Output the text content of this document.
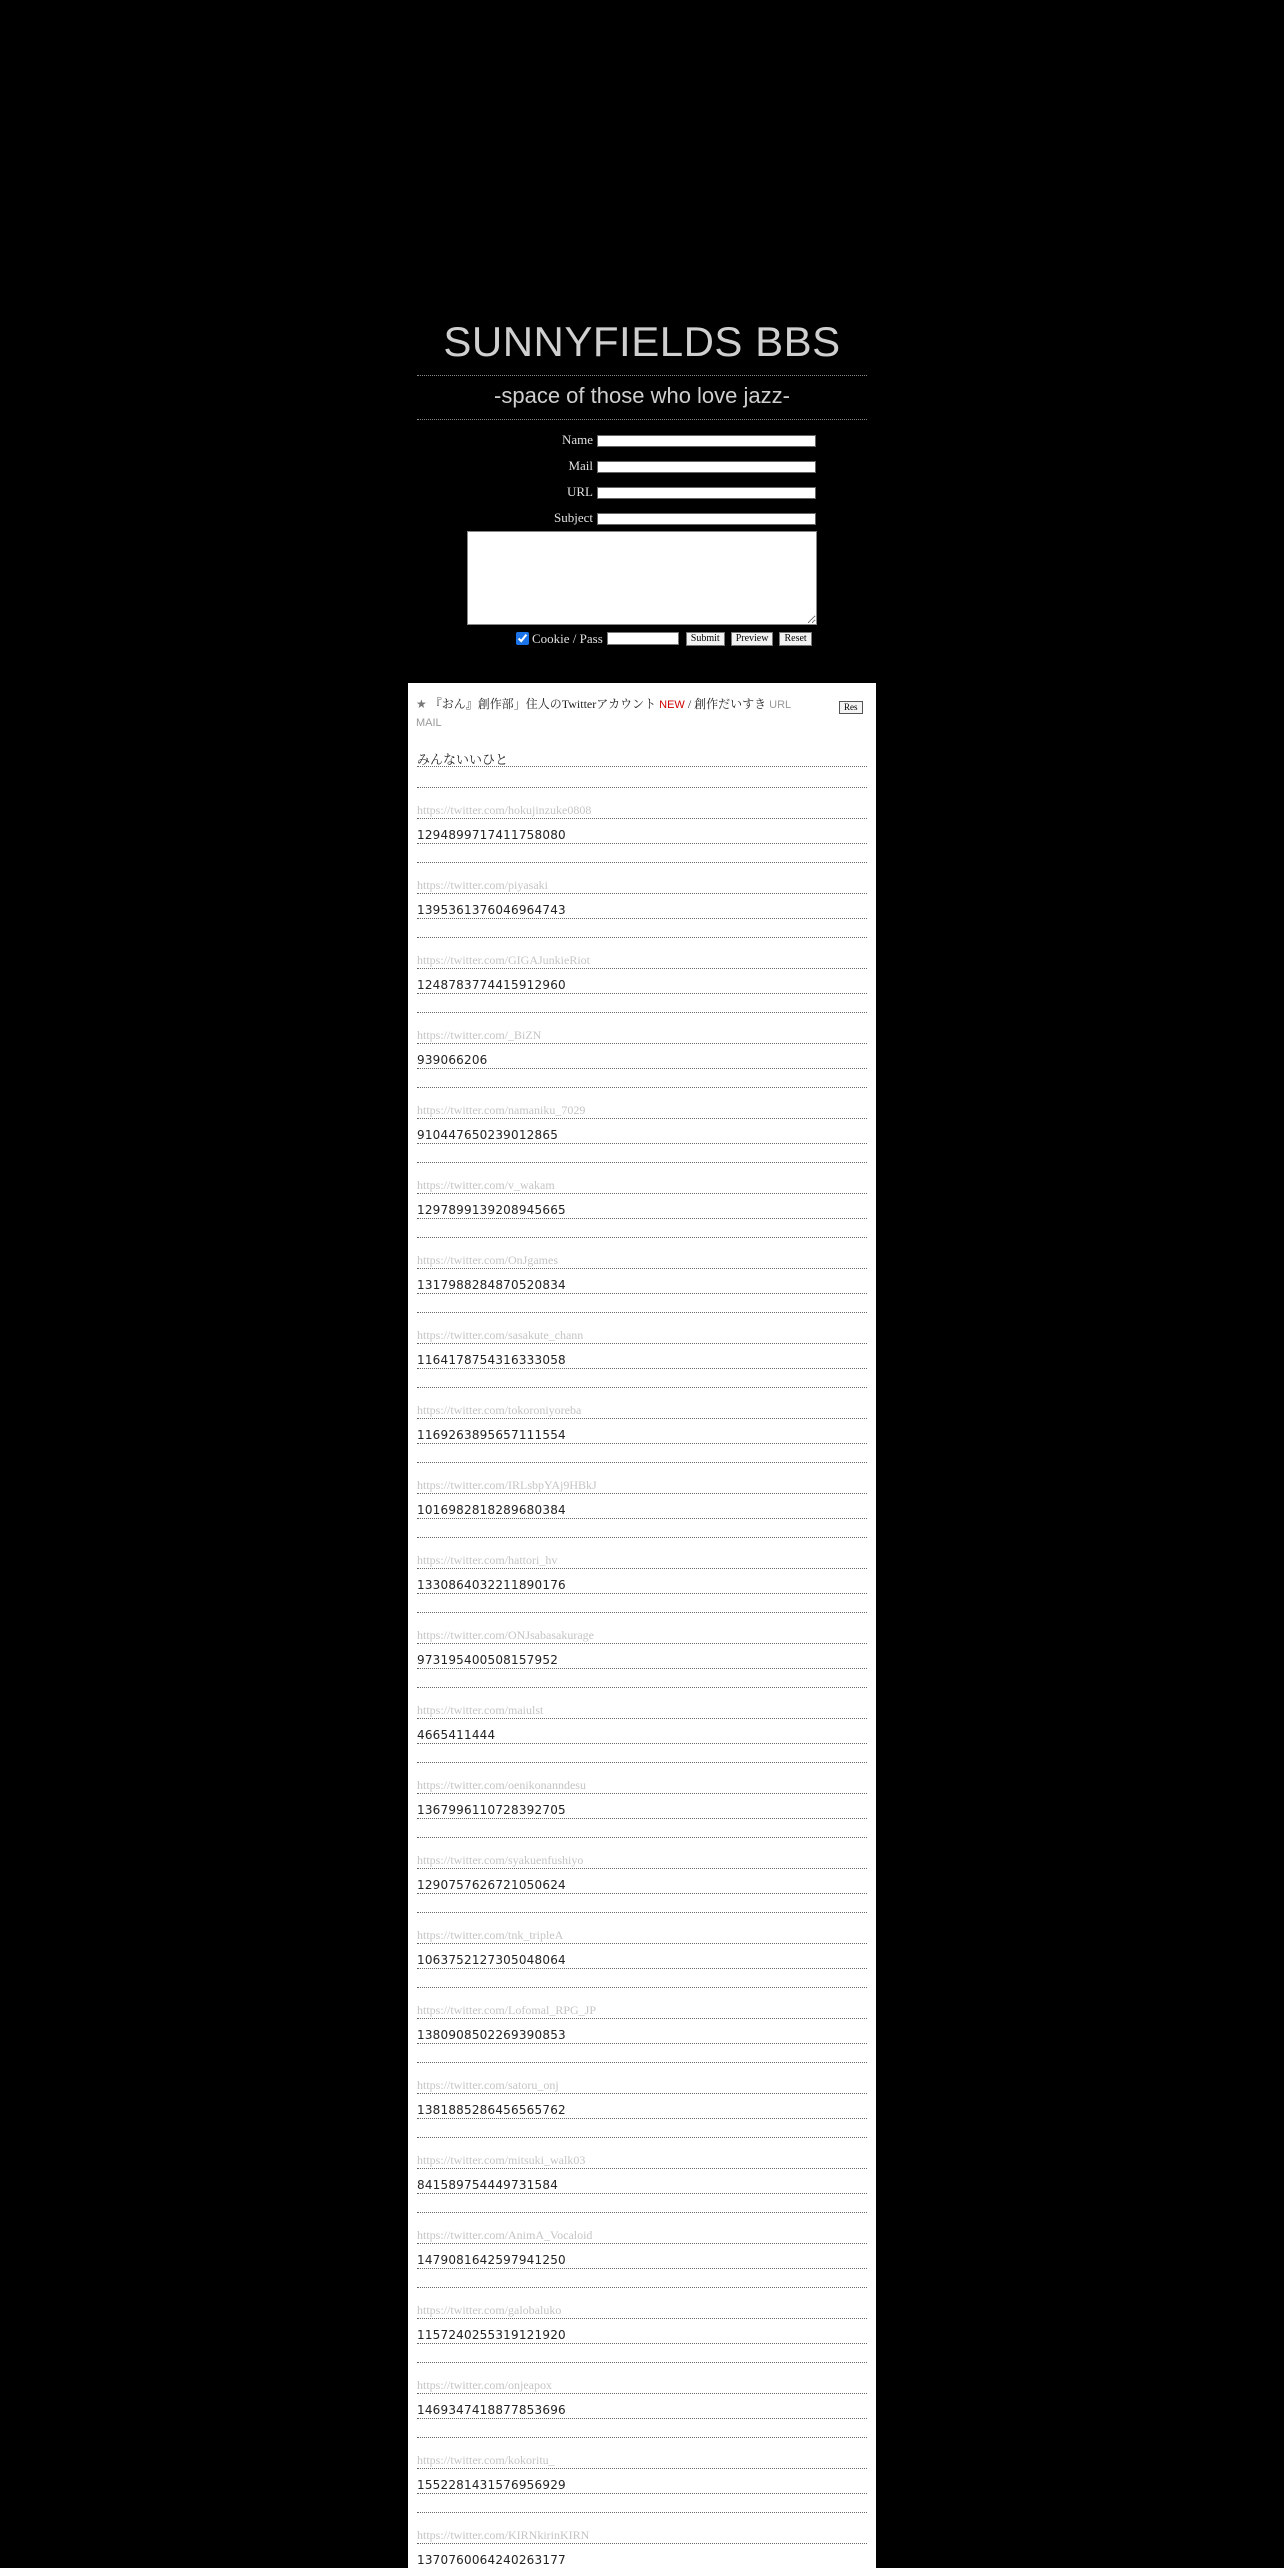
SUNNYFIELDS BBS
-space of those who love jazz-
Name
Mail
URL
Subject
Cookie / Pass	Submit	Preview	Reset
★ 『おん』創作部」住人のTwitterアカウント NEW / 創作だいすき URL
MAIL
Res
みんないいひと
https://twitter.com/hokujinzuke0808
1294899717411758080
https://twitter.com/piyasaki
1395361376046964743
https://twitter.com/GIGAJunkieRiot
1248783774415912960
https://twitter.com/_BiZN
939066206
https://twitter.com/namaniku_7029
910447650239012865
https://twitter.com/v_wakam
1297899139208945665
https://twitter.com/OnJgames
1317988284870520834
https://twitter.com/sasakute_chann
1164178754316333058
https://twitter.com/tokoroniyoreba
1169263895657111554
https://twitter.com/IRLsbpYAj9HBkJ
1016982818289680384
https://twitter.com/hattori_hv
1330864032211890176
https://twitter.com/ONJsabasakurage
973195400508157952
https://twitter.com/maiulst
4665411444
https://twitter.com/oenikonanndesu
1367996110728392705
https://twitter.com/syakuenfushiyo
1290757626721050624
https://twitter.com/tnk_tripleA
1063752127305048064
https://twitter.com/Lofomal_RPG_JP
1380908502269390853
https://twitter.com/satoru_onj
1381885286456565762
https://twitter.com/mitsuki_walk03
841589754449731584
https://twitter.com/AnimA_Vocaloid
1479081642597941250
https://twitter.com/galobaluko
1157240255319121920
https://twitter.com/onjeapox
1469347418877853696
https://twitter.com/kokoritu_
1552281431576956929
https://twitter.com/KIRNkirinKIRN
1370760064240263177
